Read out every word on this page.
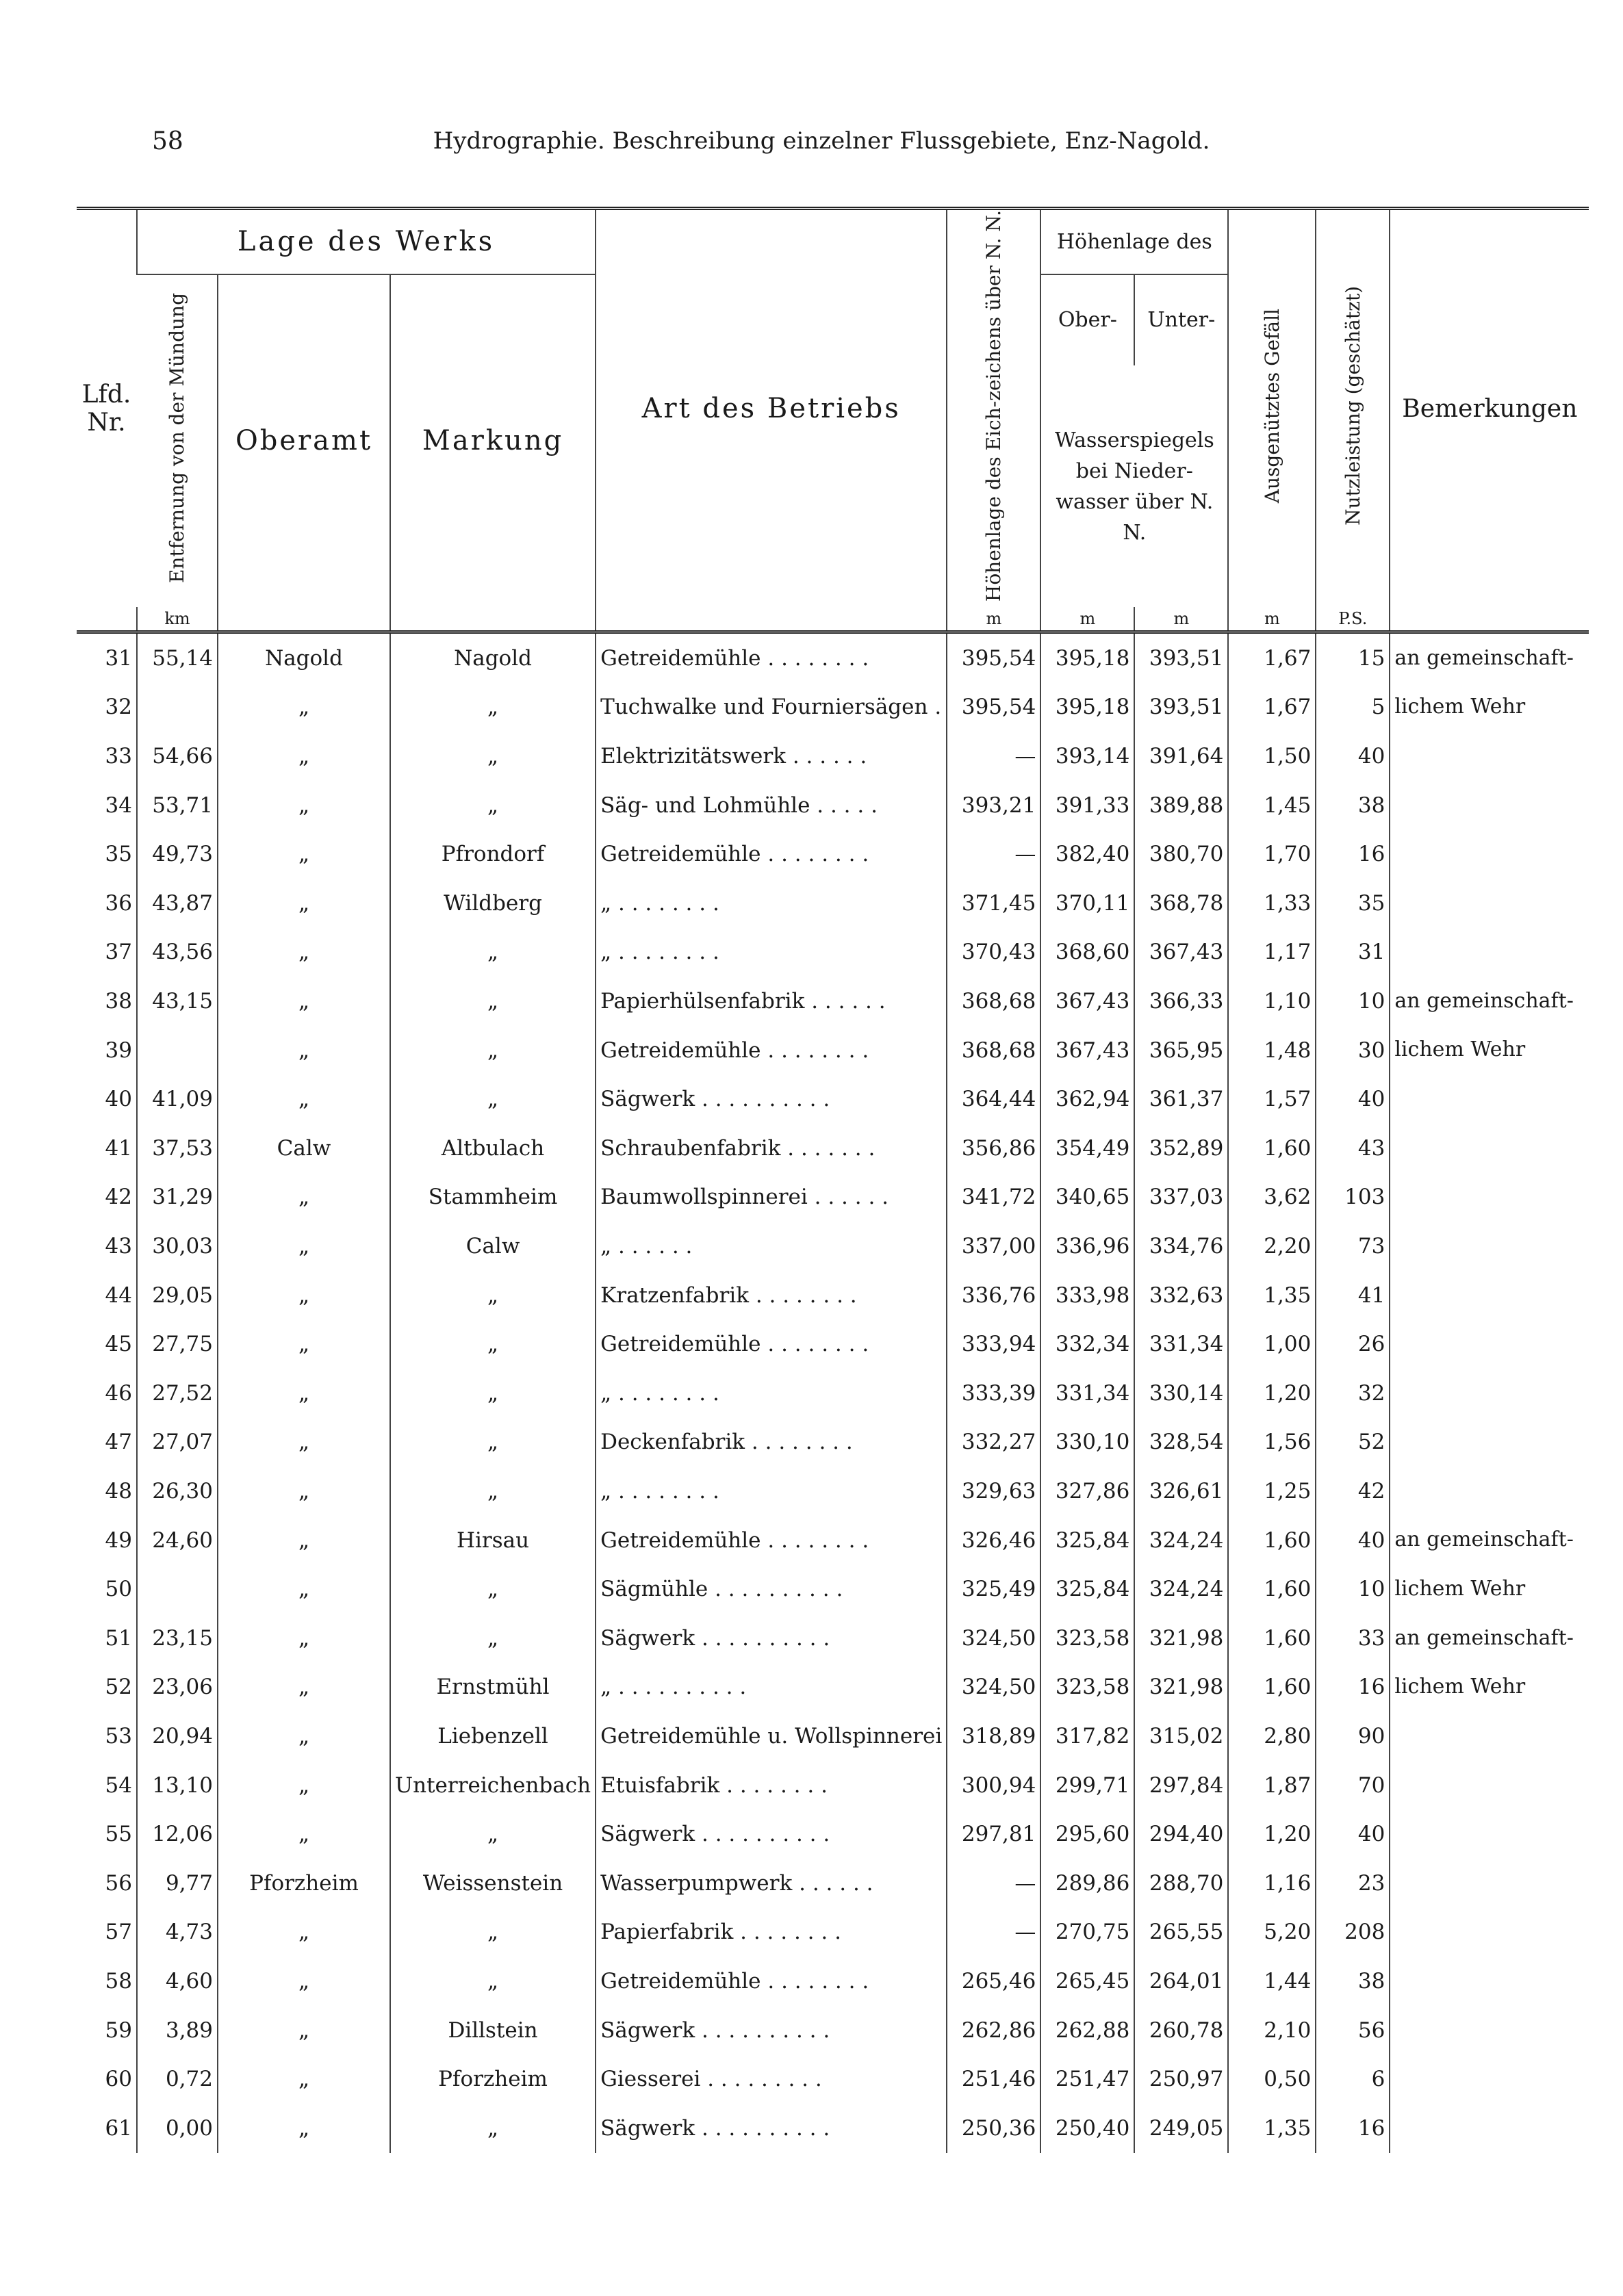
58	Hydrographie. Beschreibung einzelner Flussgebiete, Enz-Nagold.
Lfd. Nr.	Lage des Werks			Art des Betriebs	Höhenlage des Eich-zeichens über N. N.	Höhenlage des		Ausgenütztes Gefäll	Nutzleistung (geschätzt)	Bemerkungen
	Entfernung von der Mündung	Oberamt	Markung			Ober-	Unter-			
						Wasserspiegels bei Nieder-wasser über N. N.				
	km				m	m	m	m	P.S.	
31	55,14	Nagold	Nagold	Getreidemühle . . . . . . . .	395,54	395,18	393,51	1,67	15	an gemeinschaft-
32		„	„	Tuchwalke und Fourniersägen .	395,54	395,18	393,51	1,67	5	lichem Wehr
33	54,66	„	„	Elektrizitätswerk . . . . . .	—	393,14	391,64	1,50	40	
34	53,71	„	„	Säg- und Lohmühle . . . . .	393,21	391,33	389,88	1,45	38	
35	49,73	„	Pfrondorf	Getreidemühle . . . . . . . .	—	382,40	380,70	1,70	16	
36	43,87	„	Wildberg	„ . . . . . . . .	371,45	370,11	368,78	1,33	35	
37	43,56	„	„	„ . . . . . . . .	370,43	368,60	367,43	1,17	31	
38	43,15	„	„	Papierhülsenfabrik . . . . . .	368,68	367,43	366,33	1,10	10	an gemeinschaft-
39		„	„	Getreidemühle . . . . . . . .	368,68	367,43	365,95	1,48	30	lichem Wehr
40	41,09	„	„	Sägwerk . . . . . . . . . .	364,44	362,94	361,37	1,57	40	
41	37,53	Calw	Altbulach	Schraubenfabrik . . . . . . .	356,86	354,49	352,89	1,60	43	
42	31,29	„	Stammheim	Baumwollspinnerei . . . . . .	341,72	340,65	337,03	3,62	103	
43	30,03	„	Calw	„ . . . . . .	337,00	336,96	334,76	2,20	73	
44	29,05	„	„	Kratzenfabrik . . . . . . . .	336,76	333,98	332,63	1,35	41	
45	27,75	„	„	Getreidemühle . . . . . . . .	333,94	332,34	331,34	1,00	26	
46	27,52	„	„	„ . . . . . . . .	333,39	331,34	330,14	1,20	32	
47	27,07	„	„	Deckenfabrik . . . . . . . .	332,27	330,10	328,54	1,56	52	
48	26,30	„	„	„ . . . . . . . .	329,63	327,86	326,61	1,25	42	
49	24,60	„	Hirsau	Getreidemühle . . . . . . . .	326,46	325,84	324,24	1,60	40	an gemeinschaft-
50		„	„	Sägmühle . . . . . . . . . .	325,49	325,84	324,24	1,60	10	lichem Wehr
51	23,15	„	„	Sägwerk . . . . . . . . . .	324,50	323,58	321,98	1,60	33	an gemeinschaft-
52	23,06	„	Ernstmühl	„ . . . . . . . . . .	324,50	323,58	321,98	1,60	16	lichem Wehr
53	20,94	„	Liebenzell	Getreidemühle u. Wollspinnerei	318,89	317,82	315,02	2,80	90	
54	13,10	„	Unterreichenbach	Etuisfabrik . . . . . . . .	300,94	299,71	297,84	1,87	70	
55	12,06	„	„	Sägwerk . . . . . . . . . .	297,81	295,60	294,40	1,20	40	
56	9,77	Pforzheim	Weissenstein	Wasserpumpwerk . . . . . .	—	289,86	288,70	1,16	23	
57	4,73	„	„	Papierfabrik . . . . . . . .	—	270,75	265,55	5,20	208	
58	4,60	„	„	Getreidemühle . . . . . . . .	265,46	265,45	264,01	1,44	38	
59	3,89	„	Dillstein	Sägwerk . . . . . . . . . .	262,86	262,88	260,78	2,10	56	
60	0,72	„	Pforzheim	Giesserei . . . . . . . . .	251,46	251,47	250,97	0,50	6	
61	0,00	„	„	Sägwerk . . . . . . . . . .	250,36	250,40	249,05	1,35	16	
